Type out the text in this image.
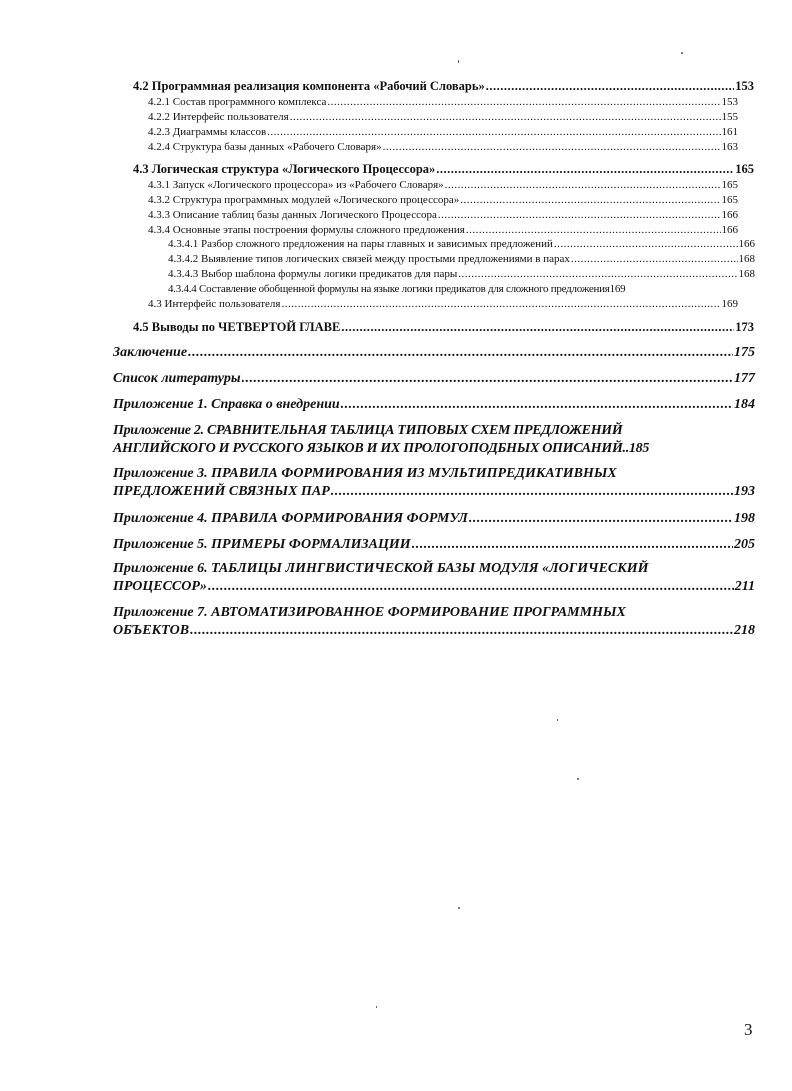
4.2 Программная реализация компонента «Рабочий Словарь» .....	153
4.2.1 Состав программного комплекса .....	153
4.2.2 Интерфейс пользователя .....	155
4.2.3 Диаграммы классов .....	161
4.2.4 Структура базы данных «Рабочего Словаря» .....	163
4.3 Логическая структура «Логического Процессора» .....	165
4.3.1 Запуск «Логического процессора» из «Рабочего Словаря» .....	165
4.3.2 Структура программных модулей «Логического процессора» .....	165
4.3.3 Описание таблиц базы данных Логического Процессора .....	166
4.3.4 Основные этапы построения формулы сложного предложения .....	166
4.3.4.1 Разбор сложного предложения на пары главных и зависимых предложений .....	166
4.3.4.2 Выявление типов логических связей между простыми предложениями в парах .....	168
4.3.4.3 Выбор шаблона формулы логики предикатов для пары .....	168
4.3.4.4 Составление обобщенной формулы на языке логики предикатов для сложного предложения 169
4.3 Интерфейс пользователя .....	169
4.5 Выводы по ЧЕТВЕРТОЙ ГЛАВЕ .....	173
Заключение .....	175
Список литературы .....	177
Приложение 1. Справка о внедрении .....	184
Приложение 2. СРАВНИТЕЛЬНАЯ ТАБЛИЦА ТИПОВЫХ СХЕМ ПРЕДЛОЖЕНИЙ
АНГЛИЙСКОГО И РУССКОГО ЯЗЫКОВ И ИХ ПРОЛОГОПОДБНЫХ ОПИСАНИЙ.. 185
Приложение 3. ПРАВИЛА ФОРМИРОВАНИЯ ИЗ МУЛЬТИПРЕДИКАТИВНЫХ
ПРЕДЛОЖЕНИЙ СВЯЗНЫХ ПАР .....	193
Приложение 4. ПРАВИЛА ФОРМИРОВАНИЯ ФОРМУЛ .....	198
Приложение 5. ПРИМЕРЫ ФОРМАЛИЗАЦИИ .....	205
Приложение 6. ТАБЛИЦЫ ЛИНГВИСТИЧЕСКОЙ БАЗЫ МОДУЛЯ «ЛОГИЧЕСКИЙ
ПРОЦЕССОР» .....	211
Приложение 7. АВТОМАТИЗИРОВАННОЕ ФОРМИРОВАНИЕ ПРОГРАММНЫХ
ОБЪЕКТОВ .....	218
3
